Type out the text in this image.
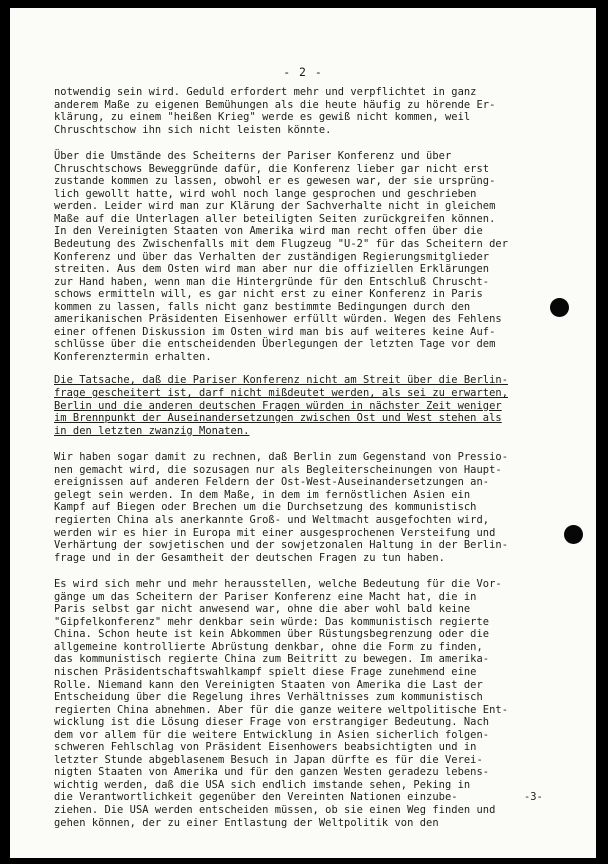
- 2 -
notwendig sein wird. Geduld erfordert mehr und verpflichtet in ganz
anderem Maße zu eigenen Bemühungen als die heute häufig zu hörende Er-
klärung, zu einem "heißen Krieg" werde es gewiß nicht kommen, weil
Chruschtschow ihn sich nicht leisten könnte.
Über die Umstände des Scheiterns der Pariser Konferenz und über
Chruschtschows Beweggründe dafür, die Konferenz lieber gar nicht erst
zustande kommen zu lassen, obwohl er es gewesen war, der sie ursprüng-
lich gewollt hatte, wird wohl noch lange gesprochen und geschrieben
werden. Leider wird man zur Klärung der Sachverhalte nicht in gleichem
Maße auf die Unterlagen aller beteiligten Seiten zurückgreifen können.
In den Vereinigten Staaten von Amerika wird man recht offen über die
Bedeutung des Zwischenfalls mit dem Flugzeug "U-2" für das Scheitern der
Konferenz und über das Verhalten der zuständigen Regierungsmitglieder
streiten. Aus dem Osten wird man aber nur die offiziellen Erklärungen
zur Hand haben, wenn man die Hintergründe für den Entschluß Chruscht-
schows ermitteln will, es gar nicht erst zu einer Konferenz in Paris
kommen zu lassen, falls nicht ganz bestimmte Bedingungen durch den
amerikanischen Präsidenten Eisenhower erfüllt würden. Wegen des Fehlens
einer offenen Diskussion im Osten wird man bis auf weiteres keine Auf-
schlüsse über die entscheidenden Überlegungen der letzten Tage vor dem
Konferenztermin erhalten.
Die Tatsache, daß die Pariser Konferenz nicht am Streit über die Berlin-
frage gescheitert ist, darf nicht mißdeutet werden, als sei zu erwarten,
Berlin und die anderen deutschen Fragen würden in nächster Zeit weniger
im Brennpunkt der Auseinandersetzungen zwischen Ost und West stehen als
in den letzten zwanzig Monaten.
Wir haben sogar damit zu rechnen, daß Berlin zum Gegenstand von Pressio-
nen gemacht wird, die sozusagen nur als Begleiterscheinungen von Haupt-
ereignissen auf anderen Feldern der Ost-West-Auseinandersetzungen an-
gelegt sein werden. In dem Maße, in dem im fernöstlichen Asien ein
Kampf auf Biegen oder Brechen um die Durchsetzung des kommunistisch
regierten China als anerkannte Groß- und Weltmacht ausgefochten wird,
werden wir es hier in Europa mit einer ausgesprochenen Versteifung und
Verhärtung der sowjetischen und der sowjetzonalen Haltung in der Berlin-
frage und in der Gesamtheit der deutschen Fragen zu tun haben.
Es wird sich mehr und mehr herausstellen, welche Bedeutung für die Vor-
gänge um das Scheitern der Pariser Konferenz eine Macht hat, die in
Paris selbst gar nicht anwesend war, ohne die aber wohl bald keine
"Gipfelkonferenz" mehr denkbar sein würde: Das kommunistisch regierte
China. Schon heute ist kein Abkommen über Rüstungsbegrenzung oder die
allgemeine kontrollierte Abrüstung denkbar, ohne die Form zu finden,
das kommunistisch regierte China zum Beitritt zu bewegen. Im amerika-
nischen Präsidentschaftswahlkampf spielt diese Frage zunehmend eine
Rolle. Niemand kann den Vereinigten Staaten von Amerika die Last der
Entscheidung über die Regelung ihres Verhältnisses zum kommunistisch
regierten China abnehmen. Aber für die ganze weitere weltpolitische Ent-
wicklung ist die Lösung dieser Frage von erstrangiger Bedeutung. Nach
dem vor allem für die weitere Entwicklung in Asien sicherlich folgen-
schweren Fehlschlag von Präsident Eisenhowers beabsichtigten und in
letzter Stunde abgeblasenem Besuch in Japan dürfte es für die Verei-
nigten Staaten von Amerika und für den ganzen Westen geradezu lebens-
wichtig werden, daß die USA sich endlich imstande sehen, Peking in
die Verantwortlichkeit gegenüber den Vereinten Nationen einzube-
ziehen. Die USA werden entscheiden müssen, ob sie einen Weg finden und
gehen können, der zu einer Entlastung der Weltpolitik von den
-3-
